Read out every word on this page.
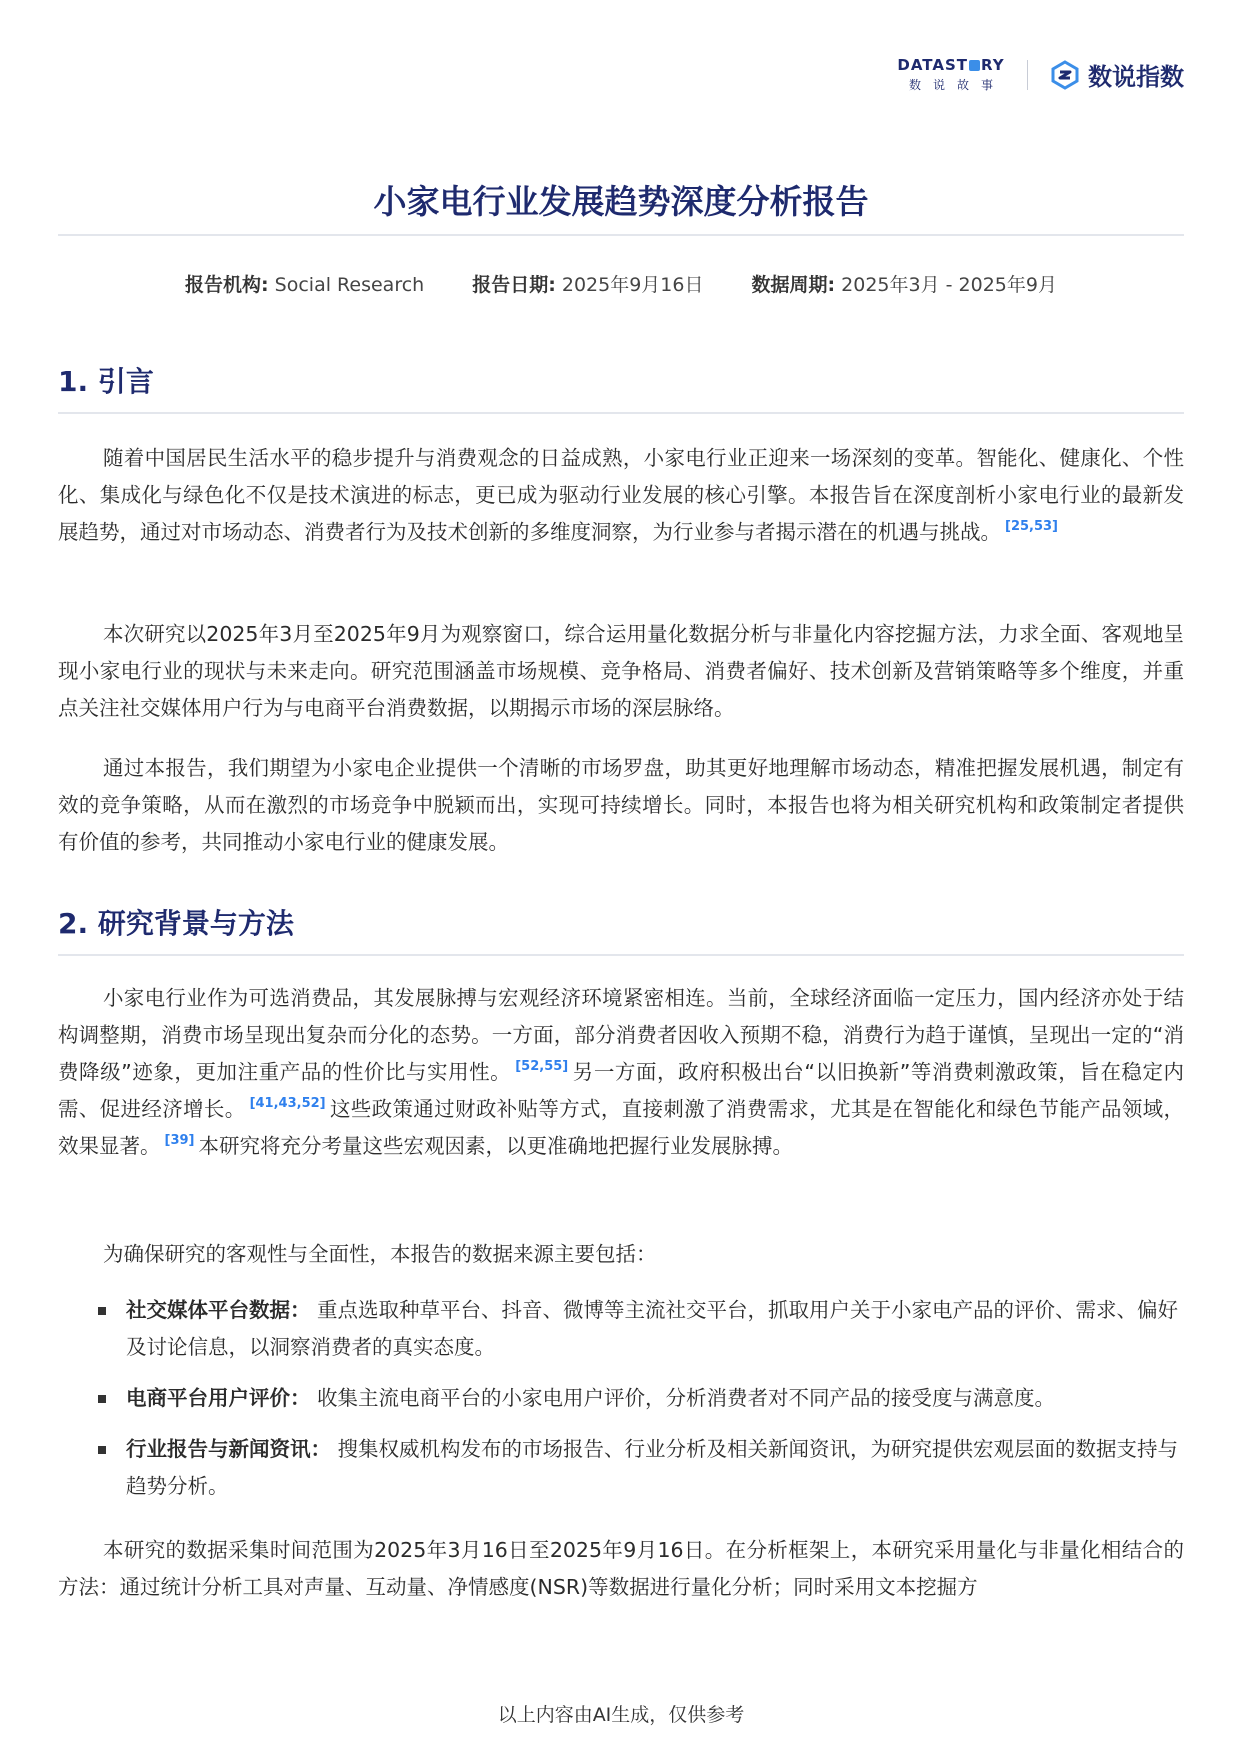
DATAST RY
数说故事	数说指数
小家电行业发展趋势深度分析报告
报告机构: Social Research	报告日期: 2025年9月16日	数据周期: 2025年3月 - 2025年9月
1. 引言
随着中国居民生活水平的稳步提升与消费观念的日益成熟，小家电行业正迎来一场深刻的变革。智能化、健康化、个性化、集成化与绿色化不仅是技术演进的标志，更已成为驱动行业发展的核心引擎。本报告旨在深度剖析小家电行业的最新发展趋势，通过对市场动态、消费者行为及技术创新的多维度洞察，为行业参与者揭示潜在的机遇与挑战。 [25,53]
本次研究以2025年3月至2025年9月为观察窗口，综合运用量化数据分析与非量化内容挖掘方法，力求全面、客观地呈现小家电行业的现状与未来走向。研究范围涵盖市场规模、竞争格局、消费者偏好、技术创新及营销策略等多个维度，并重点关注社交媒体用户行为与电商平台消费数据，以期揭示市场的深层脉络。
通过本报告，我们期望为小家电企业提供一个清晰的市场罗盘，助其更好地理解市场动态，精准把握发展机遇，制定有效的竞争策略，从而在激烈的市场竞争中脱颖而出，实现可持续增长。同时，本报告也将为相关研究机构和政策制定者提供有价值的参考，共同推动小家电行业的健康发展。
2. 研究背景与方法
小家电行业作为可选消费品，其发展脉搏与宏观经济环境紧密相连。当前，全球经济面临一定压力，国内经济亦处于结构调整期，消费市场呈现出复杂而分化的态势。一方面，部分消费者因收入预期不稳，消费行为趋于谨慎，呈现出一定的“消费降级”迹象，更加注重产品的性价比与实用性。 [52,55] 另一方面，政府积极出台“以旧换新”等消费刺激政策，旨在稳定内需、促进经济增长。 [41,43,52] 这些政策通过财政补贴等方式，直接刺激了消费需求，尤其是在智能化和绿色节能产品领域，效果显著。 [39] 本研究将充分考量这些宏观因素，以更准确地把握行业发展脉搏。
为确保研究的客观性与全面性，本报告的数据来源主要包括：
社交媒体平台数据： 重点选取种草平台、抖音、微博等主流社交平台，抓取用户关于小家电产品的评价、需求、偏好及讨论信息，以洞察消费者的真实态度。
电商平台用户评价： 收集主流电商平台的小家电用户评价，分析消费者对不同产品的接受度与满意度。
行业报告与新闻资讯： 搜集权威机构发布的市场报告、行业分析及相关新闻资讯，为研究提供宏观层面的数据支持与趋势分析。
本研究的数据采集时间范围为2025年3月16日至2025年9月16日。在分析框架上，本研究采用量化与非量化相结合的方法：通过统计分析工具对声量、互动量、净情感度(NSR)等数据进行量化分析；同时采用文本挖掘方
以上内容由AI生成，仅供参考
